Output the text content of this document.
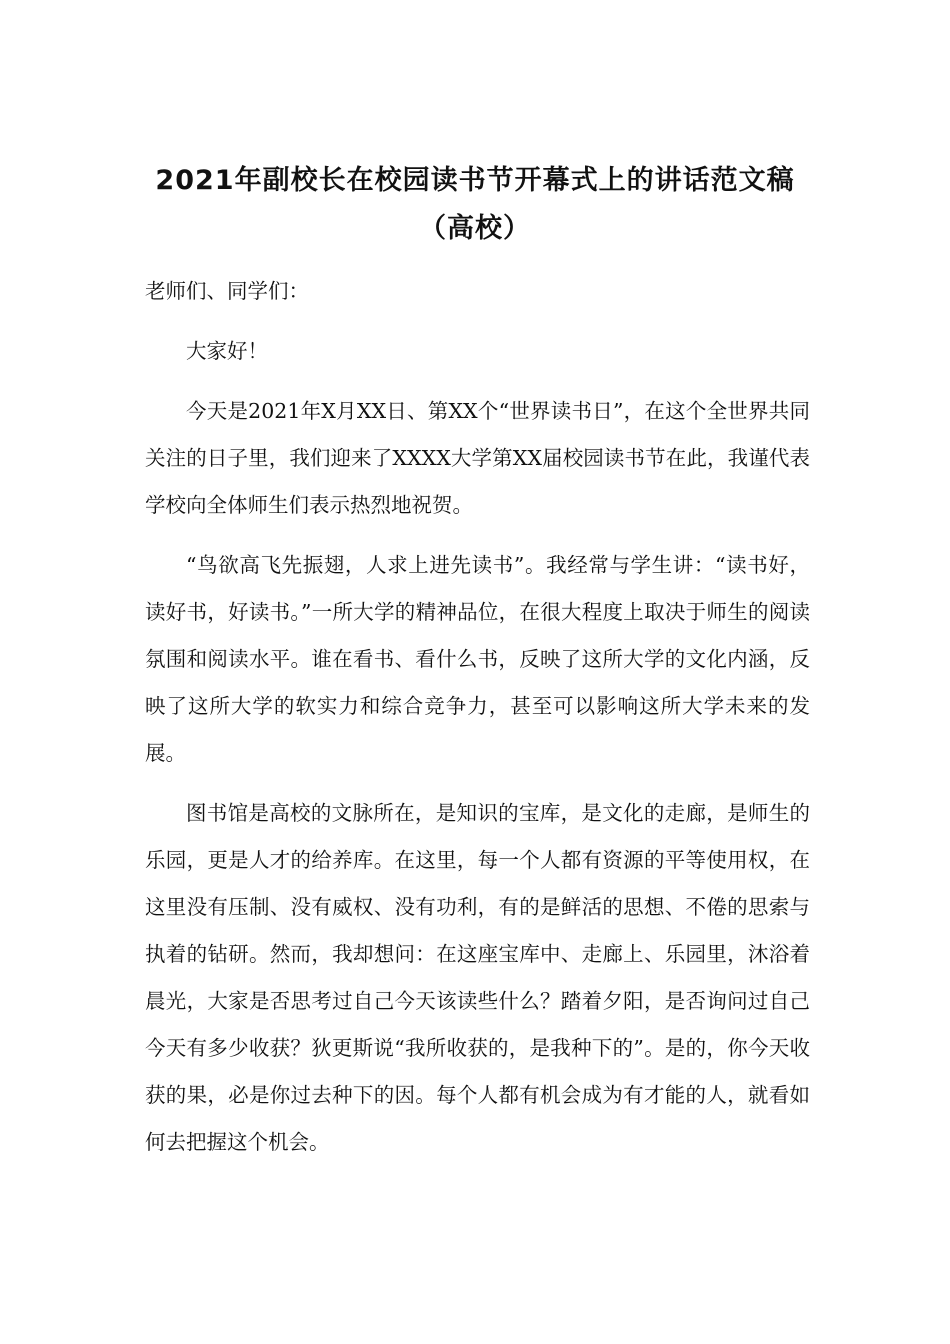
2021年副校长在校园读书节开幕式上的讲话范文稿
（高校）

老师们、同学们：

大家好！

今天是2021年X月XX日、第XX个“世界读书日”，在这个全世界共同关注的日子里，我们迎来了XXXX大学第XX届校园读书节在此，我谨代表学校向全体师生们表示热烈地祝贺。

“鸟欲高飞先振翅，人求上进先读书”。我经常与学生讲：“读书好，读好书，好读书。”一所大学的精神品位，在很大程度上取决于师生的阅读氛围和阅读水平。谁在看书、看什么书，反映了这所大学的文化内涵，反映了这所大学的软实力和综合竞争力，甚至可以影响这所大学未来的发展。

图书馆是高校的文脉所在，是知识的宝库，是文化的走廊，是师生的乐园，更是人才的给养库。在这里，每一个人都有资源的平等使用权，在这里没有压制、没有威权、没有功利，有的是鲜活的思想、不倦的思索与执着的钻研。然而，我却想问：在这座宝库中、走廊上、乐园里，沐浴着晨光，大家是否思考过自己今天该读些什么？踏着夕阳，是否询问过自己今天有多少收获？狄更斯说“我所收获的，是我种下的”。是的，你今天收获的果，必是你过去种下的因。每个人都有机会成为有才能的人，就看如何去把握这个机会。
